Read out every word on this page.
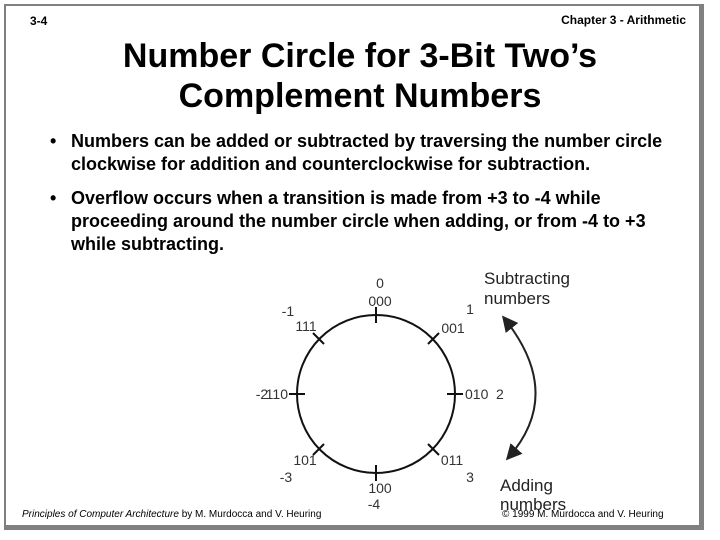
3-4	Chapter 3 - Arithmetic
Number Circle for 3-Bit Two’s
Complement Numbers
• Numbers can be added or subtracted by traversing the number circle clockwise for addition and counterclockwise for subtraction.
• Overflow occurs when a transition is made from +3 to -4 while proceeding around the number circle when adding, or from -4 to +3 while subtracting.
0
000	1
001
010 2
011
3
100
-4
101
-3
-2
110
-1
111
Subtracting
numbers
Adding
numbers
Principles of Computer Architecture by M. Murdocca and V. Heuring	© 1999 M. Murdocca and V. Heuring
